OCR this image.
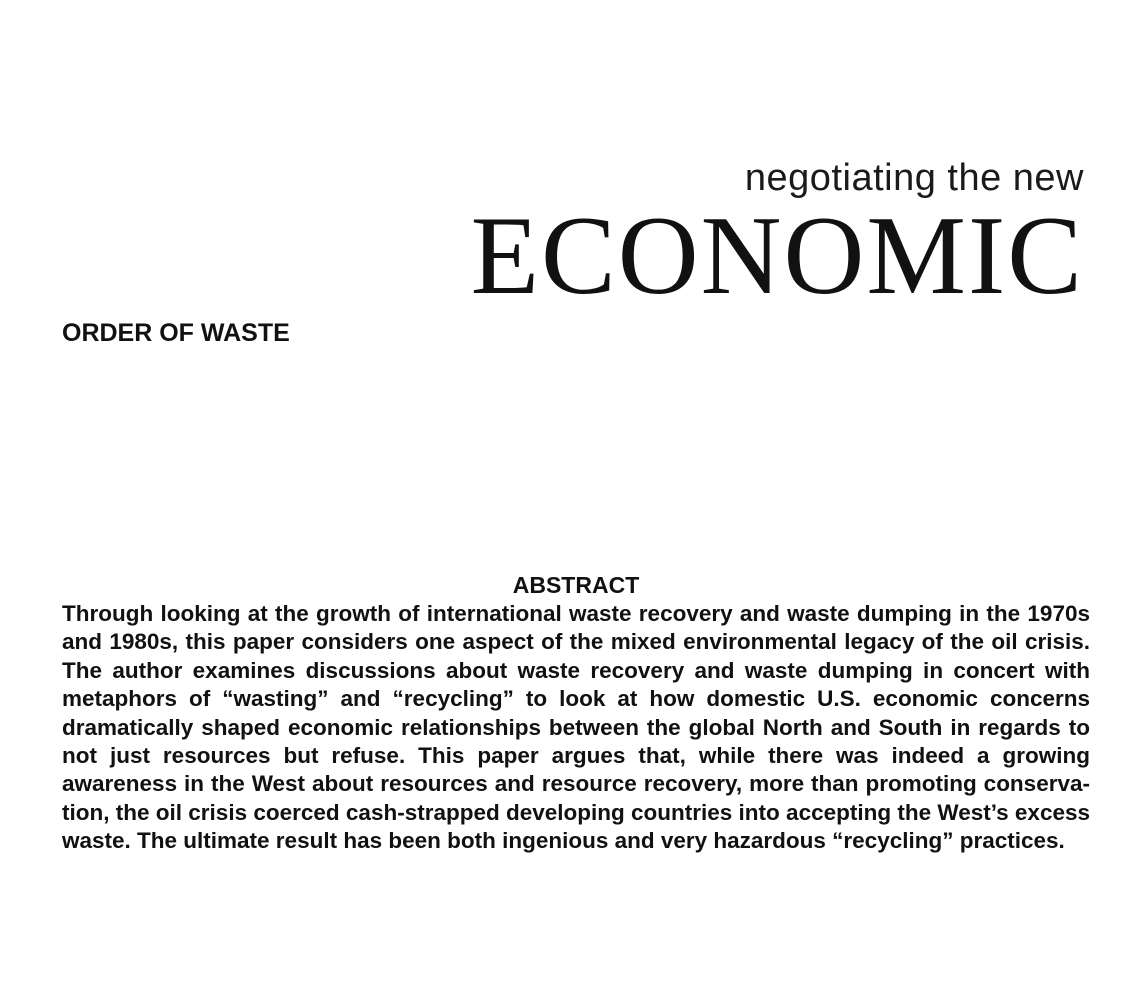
negotiating the new
ECONOMIC
ORDER OF WASTE
ABSTRACT
Through looking at the growth of international waste recovery and waste dumping in the 1970s and 1980s, this paper considers one aspect of the mixed environmental legacy of the oil crisis. The author examines discussions about waste recovery and waste dumping in concert with metaphors of “wasting” and “recycling” to look at how domestic U.S. economic concerns dramatically shaped economic relationships between the global North and South in regards to not just resources but refuse. This paper argues that, while there was indeed a growing awareness in the West about resources and resource recovery, more than promoting conservation, the oil crisis coerced cash-strapped developing countries into accepting the West’s excess waste. The ultimate result has been both ingenious and very hazardous “recycling” practices.
